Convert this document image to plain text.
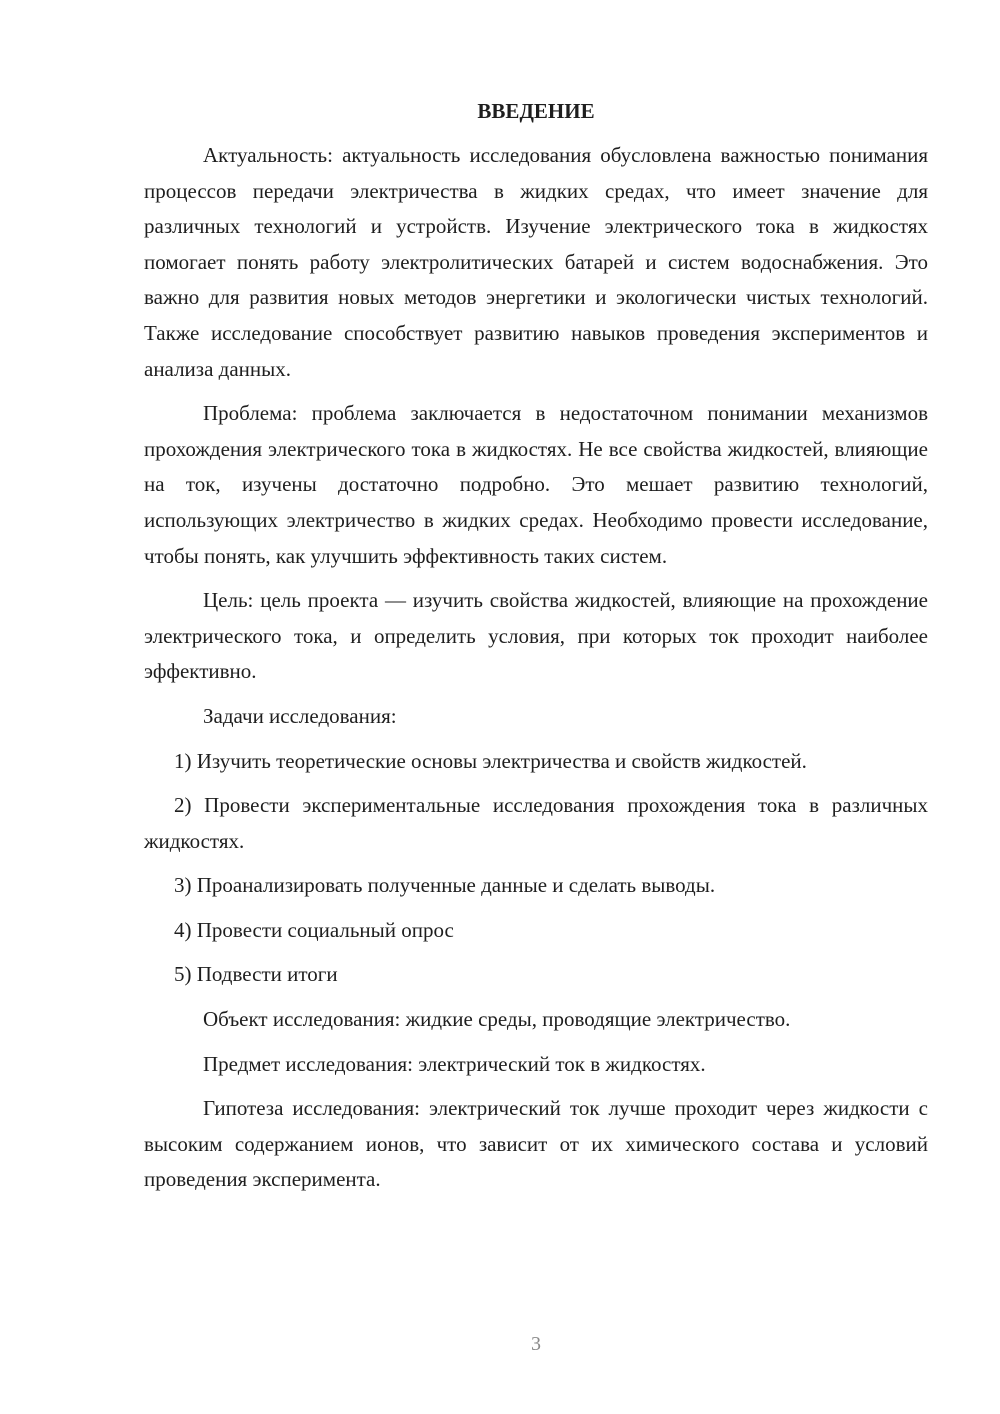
ВВЕДЕНИЕ

Актуальность: актуальность исследования обусловлена важностью понимания процессов передачи электричества в жидких средах, что имеет значение для различных технологий и устройств. Изучение электрического тока в жидкостях помогает понять работу электролитических батарей и систем водоснабжения. Это важно для развития новых методов энергетики и экологически чистых технологий. Также исследование способствует развитию навыков проведения экспериментов и анализа данных.

Проблема: проблема заключается в недостаточном понимании механизмов прохождения электрического тока в жидкостях. Не все свойства жидкостей, влияющие на ток, изучены достаточно подробно. Это мешает развитию технологий, использующих электричество в жидких средах. Необходимо провести исследование, чтобы понять, как улучшить эффективность таких систем.

Цель: цель проекта — изучить свойства жидкостей, влияющие на прохождение электрического тока, и определить условия, при которых ток проходит наиболее эффективно.

Задачи исследования:

1) Изучить теоретические основы электричества и свойств жидкостей.

2) Провести экспериментальные исследования прохождения тока в различных жидкостях.

3) Проанализировать полученные данные и сделать выводы.

4) Провести социальный опрос

5) Подвести итоги

Объект исследования: жидкие среды, проводящие электричество.

Предмет исследования: электрический ток в жидкостях.

Гипотеза исследования: электрический ток лучше проходит через жидкости с высоким содержанием ионов, что зависит от их химического состава и условий проведения эксперимента.

3
